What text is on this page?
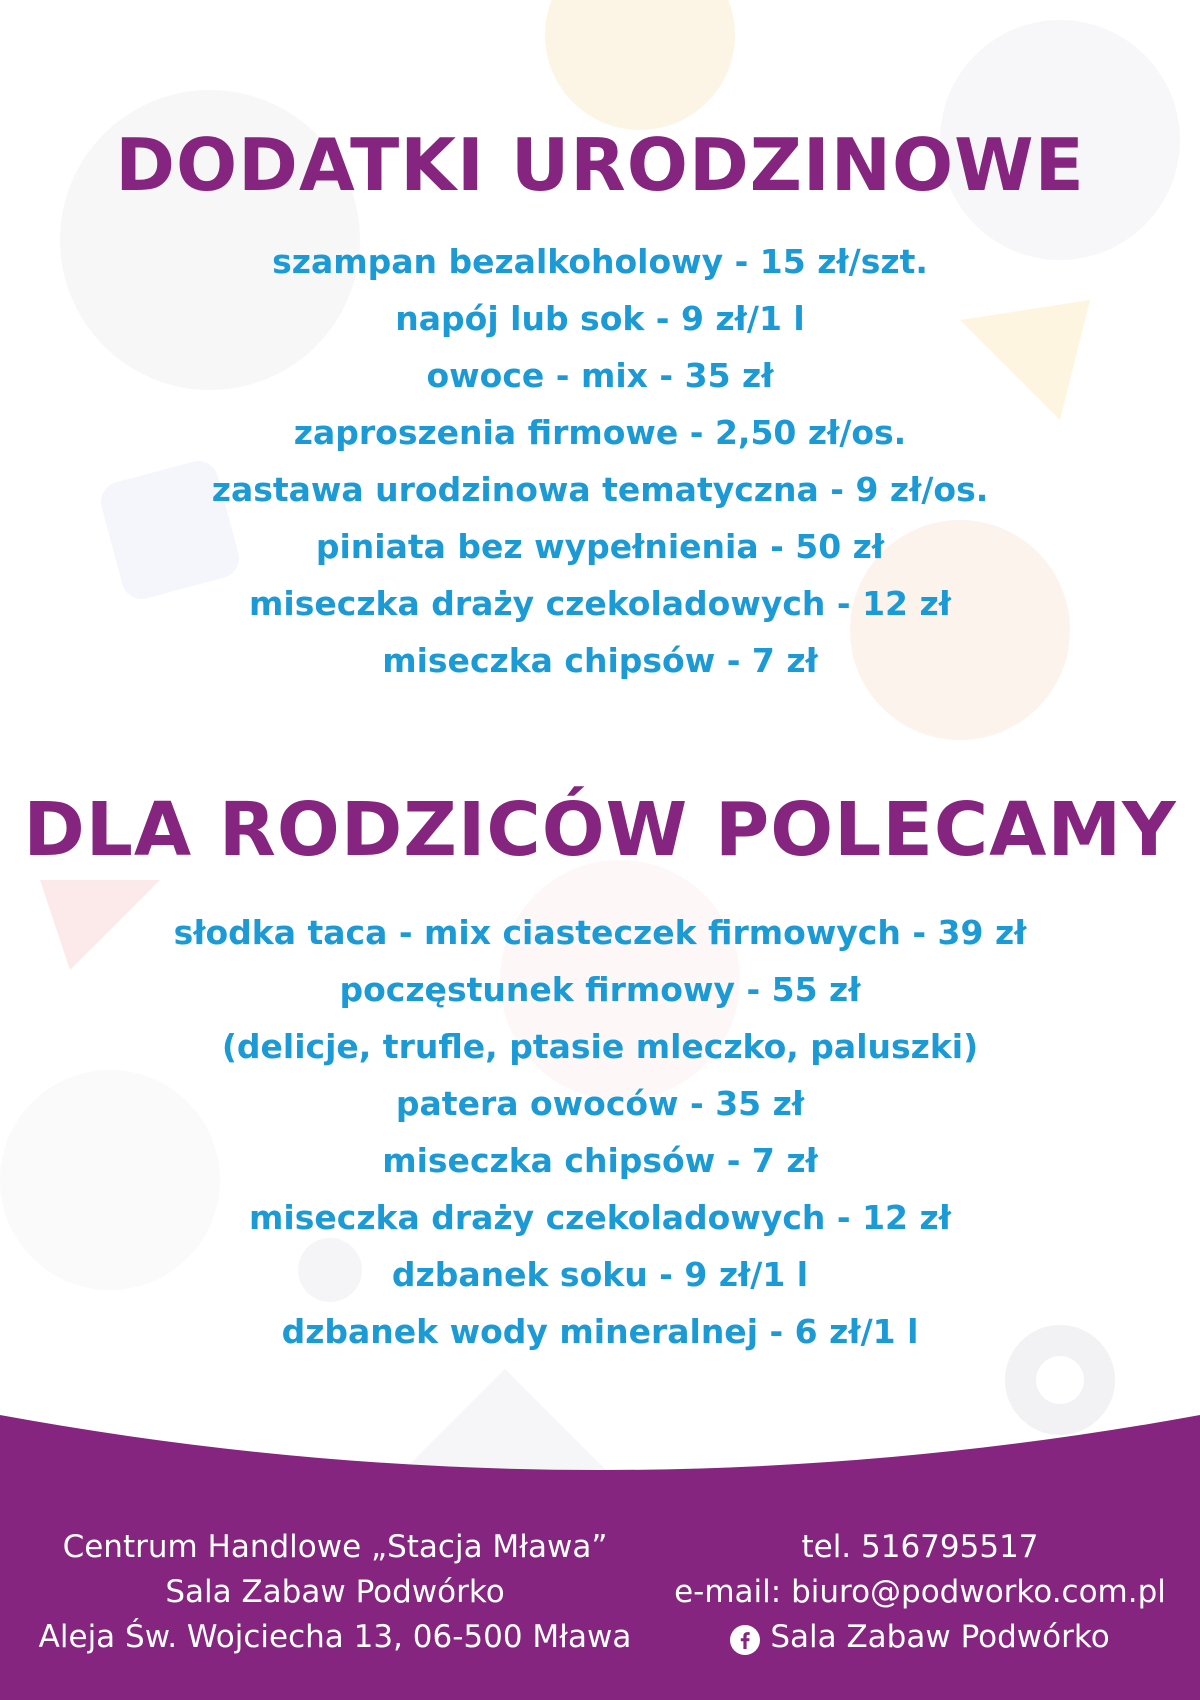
DODATKI URODZINOWE
szampan bezalkoholowy - 15 zł/szt.
napój lub sok - 9 zł/1 l
owoce - mix - 35 zł
zaproszenia firmowe - 2,50 zł/os.
zastawa urodzinowa tematyczna - 9 zł/os.
piniata bez wypełnienia - 50 zł
miseczka draży czekoladowych - 12 zł
miseczka chipsów - 7 zł
DLA RODZICÓW POLECAMY
słodka taca - mix ciasteczek firmowych - 39 zł
poczęstunek firmowy - 55 zł
(delicje, trufle, ptasie mleczko, paluszki)
patera owoców - 35 zł
miseczka chipsów - 7 zł
miseczka draży czekoladowych - 12 zł
dzbanek soku - 9 zł/1 l
dzbanek wody mineralnej - 6 zł/1 l
Centrum Handlowe „Stacja Mława”
Sala Zabaw Podwórko
Aleja Św. Wojciecha 13, 06-500 Mława
tel. 516795517
e-mail: biuro@podworko.com.pl
Sala Zabaw Podwórko
